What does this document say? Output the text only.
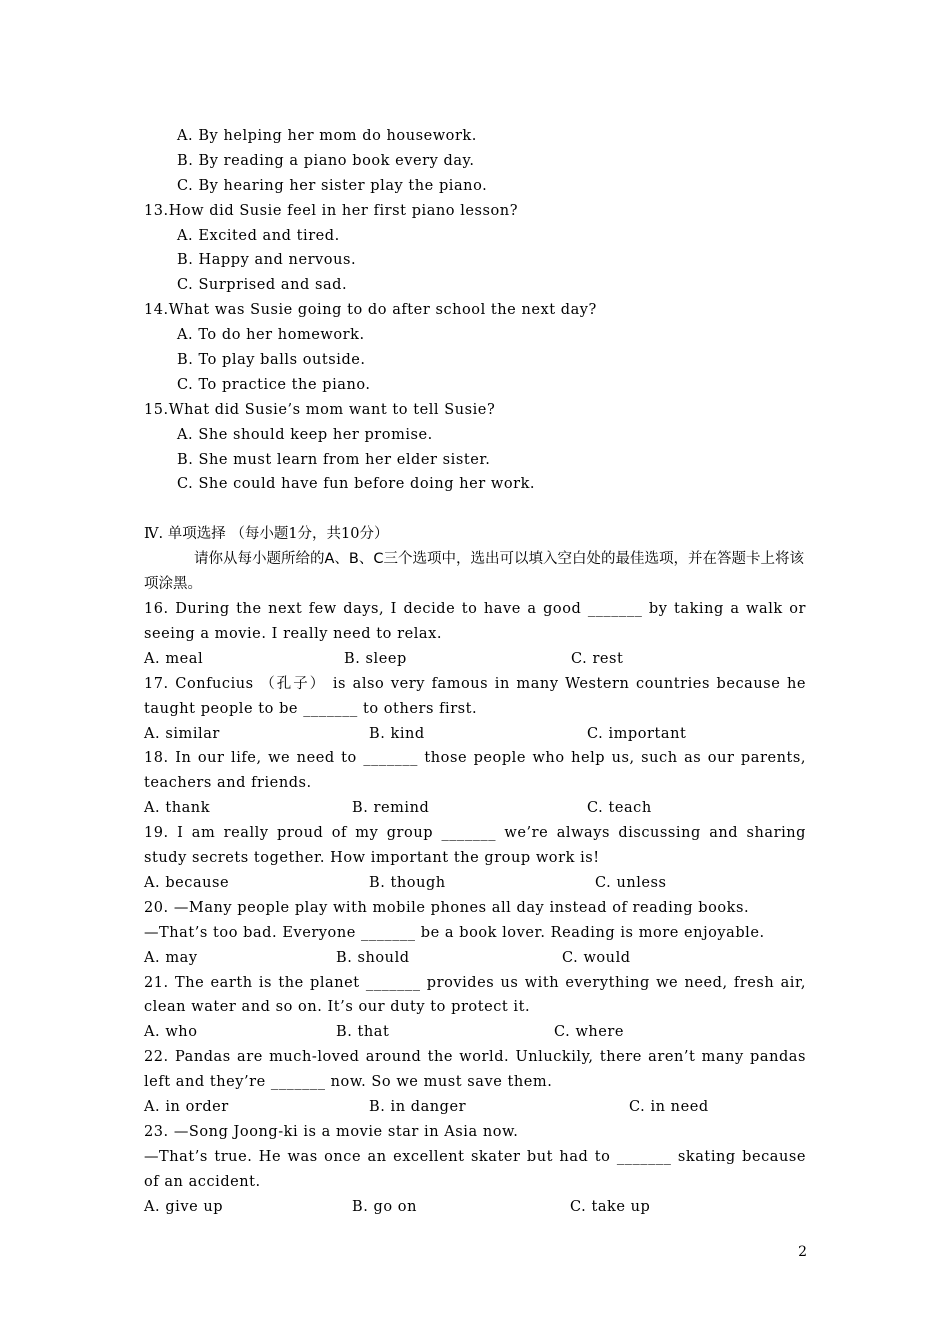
A. By helping her mom do housework.
B. By reading a piano book every day.
C. By hearing her sister play the piano.
13.How did Susie feel in her first piano lesson?
A. Excited and tired.
B. Happy and nervous.
C. Surprised and sad.
14.What was Susie going to do after school the next day?
A. To do her homework.
B. To play balls outside.
C. To practice the piano.
15.What did Susie’s mom want to tell Susie?
A. She should keep her promise.
B. She must learn from her elder sister.
C. She could have fun before doing her work.
Ⅳ. 单项选择 （每小题1分，共10分）
请你从每小题所给的A、B、C三个选项中，选出可以填入空白处的最佳选项，并在答题卡上将该项涂黑。
16. During the next few days, I decide to have a good _______ by taking a walk or seeing a movie. I really need to relax.
A. meal	B. sleep	C. rest
17. Confucius （孔子） is also very famous in many Western countries because he taught people to be _______ to others first.
A. similar	B. kind	C. important
18. In our life, we need to _______ those people who help us, such as our parents, teachers and friends.
A. thank	B. remind	C. teach
19. I am really proud of my group _______ we’re always discussing and sharing study secrets together. How important the group work is!
A. because	B. though	C. unless
20. —Many people play with mobile phones all day instead of reading books.
—That’s too bad. Everyone _______ be a book lover. Reading is more enjoyable.
A. may	B. should	C. would
21. The earth is the planet _______ provides us with everything we need, fresh air, clean water and so on. It’s our duty to protect it.
A. who	B. that	C. where
22. Pandas are much-loved around the world. Unluckily, there aren’t many pandas left and they’re _______ now. So we must save them.
A. in order	B. in danger	C. in need
23. —Song Joong-ki is a movie star in Asia now.
—That’s true. He was once an excellent skater but had to _______ skating because of an accident.
A. give up	B. go on	C. take up
2
